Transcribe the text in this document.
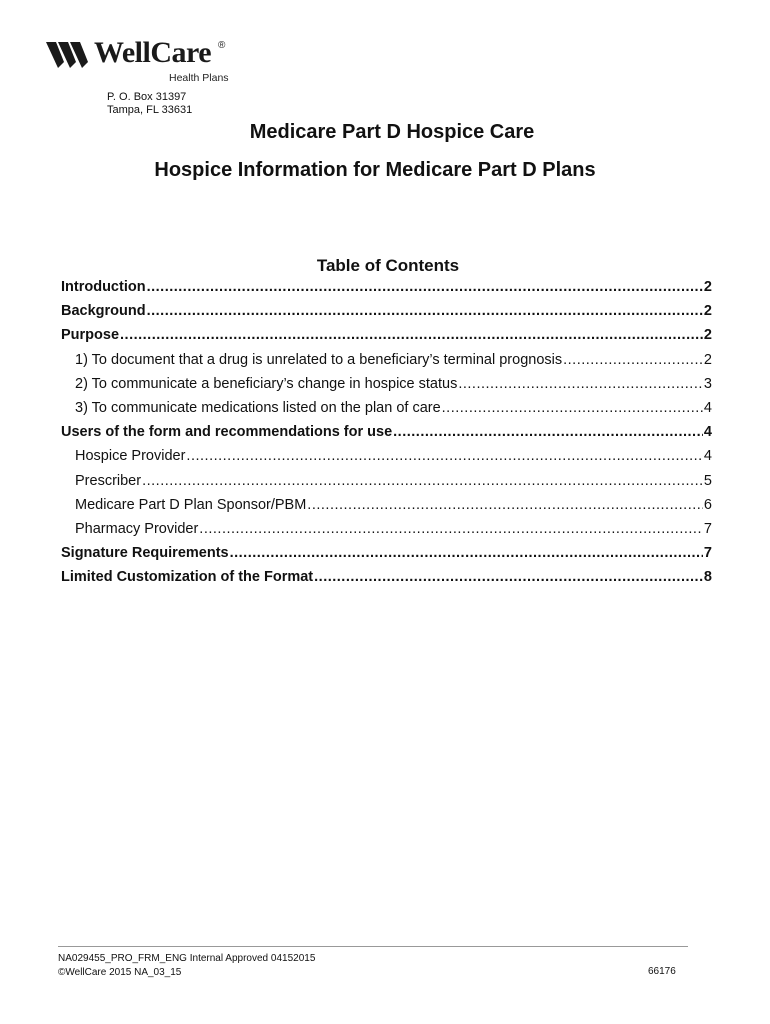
WellCare ®
Health Plans
P. O. Box 31397
Tampa, FL 33631
Medicare Part D Hospice Care
Hospice Information for Medicare Part D Plans
Table of Contents
Introduction .....	2
Background .....	2
Purpose .....	2
1) To document that a drug is unrelated to a beneficiary’s terminal prognosis .....	2
2) To communicate a beneficiary’s change in hospice status .....	3
3) To communicate medications listed on the plan of care .....	4
Users of the form and recommendations for use .....	4
Hospice Provider .....	4
Prescriber .....	5
Medicare Part D Plan Sponsor/PBM .....	6
Pharmacy Provider .....	7
Signature Requirements .....	7
Limited Customization of the Format .....	8
NA029455_PRO_FRM_ENG Internal Approved 04152015
©WellCare 2015 NA_03_15	66176
